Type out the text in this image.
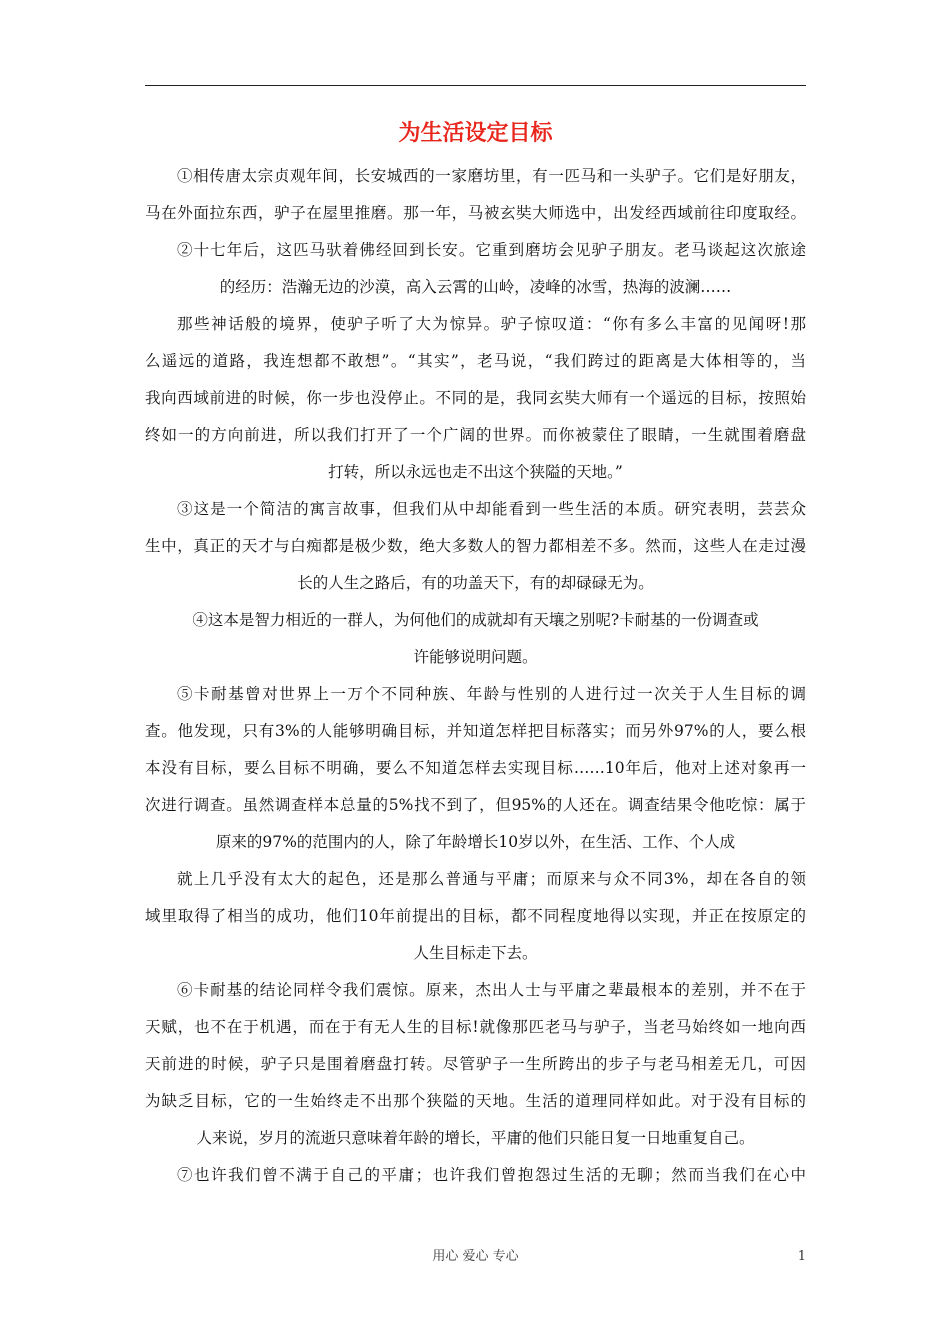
为生活设定目标
①相传唐太宗贞观年间，长安城西的一家磨坊里，有一匹马和一头驴子。它们是好朋友，
马在外面拉东西，驴子在屋里推磨。那一年，马被玄奘大师选中，出发经西域前往印度取经。
②十七年后，这匹马驮着佛经回到长安。它重到磨坊会见驴子朋友。老马谈起这次旅途
的经历：浩瀚无边的沙漠，高入云霄的山岭，凌峰的冰雪，热海的波澜……
那些神话般的境界，使驴子听了大为惊异。驴子惊叹道：“你有多么丰富的见闻呀!那
么遥远的道路，我连想都不敢想”。“其实”，老马说，“我们跨过的距离是大体相等的，当
我向西域前进的时候，你一步也没停止。不同的是，我同玄奘大师有一个遥远的目标，按照始
终如一的方向前进，所以我们打开了一个广阔的世界。而你被蒙住了眼睛，一生就围着磨盘
打转，所以永远也走不出这个狭隘的天地。”
③这是一个简洁的寓言故事，但我们从中却能看到一些生活的本质。研究表明，芸芸众
生中，真正的天才与白痴都是极少数，绝大多数人的智力都相差不多。然而，这些人在走过漫
长的人生之路后，有的功盖天下，有的却碌碌无为。
④这本是智力相近的一群人，为何他们的成就却有天壤之别呢?卡耐基的一份调查或
许能够说明问题。
⑤卡耐基曾对世界上一万个不同种族、年龄与性别的人进行过一次关于人生目标的调
查。他发现，只有3%的人能够明确目标，并知道怎样把目标落实；而另外97%的人，要么根
本没有目标，要么目标不明确，要么不知道怎样去实现目标……10年后，他对上述对象再一
次进行调查。虽然调查样本总量的5%找不到了，但95%的人还在。调查结果令他吃惊：属于
原来的97%的范围内的人，除了年龄增长10岁以外，在生活、工作、个人成
就上几乎没有太大的起色，还是那么普通与平庸；而原来与众不同3%，却在各自的领
域里取得了相当的成功，他们10年前提出的目标，都不同程度地得以实现，并正在按原定的
人生目标走下去。
⑥卡耐基的结论同样令我们震惊。原来，杰出人士与平庸之辈最根本的差别，并不在于
天赋，也不在于机遇，而在于有无人生的目标!就像那匹老马与驴子，当老马始终如一地向西
天前进的时候，驴子只是围着磨盘打转。尽管驴子一生所跨出的步子与老马相差无几，可因
为缺乏目标，它的一生始终走不出那个狭隘的天地。生活的道理同样如此。对于没有目标的
人来说，岁月的流逝只意味着年龄的增长，平庸的他们只能日复一日地重复自己。
⑦也许我们曾不满于自己的平庸；也许我们曾抱怨过生活的无聊；然而当我们在心中
用心 爱心 专心	1
